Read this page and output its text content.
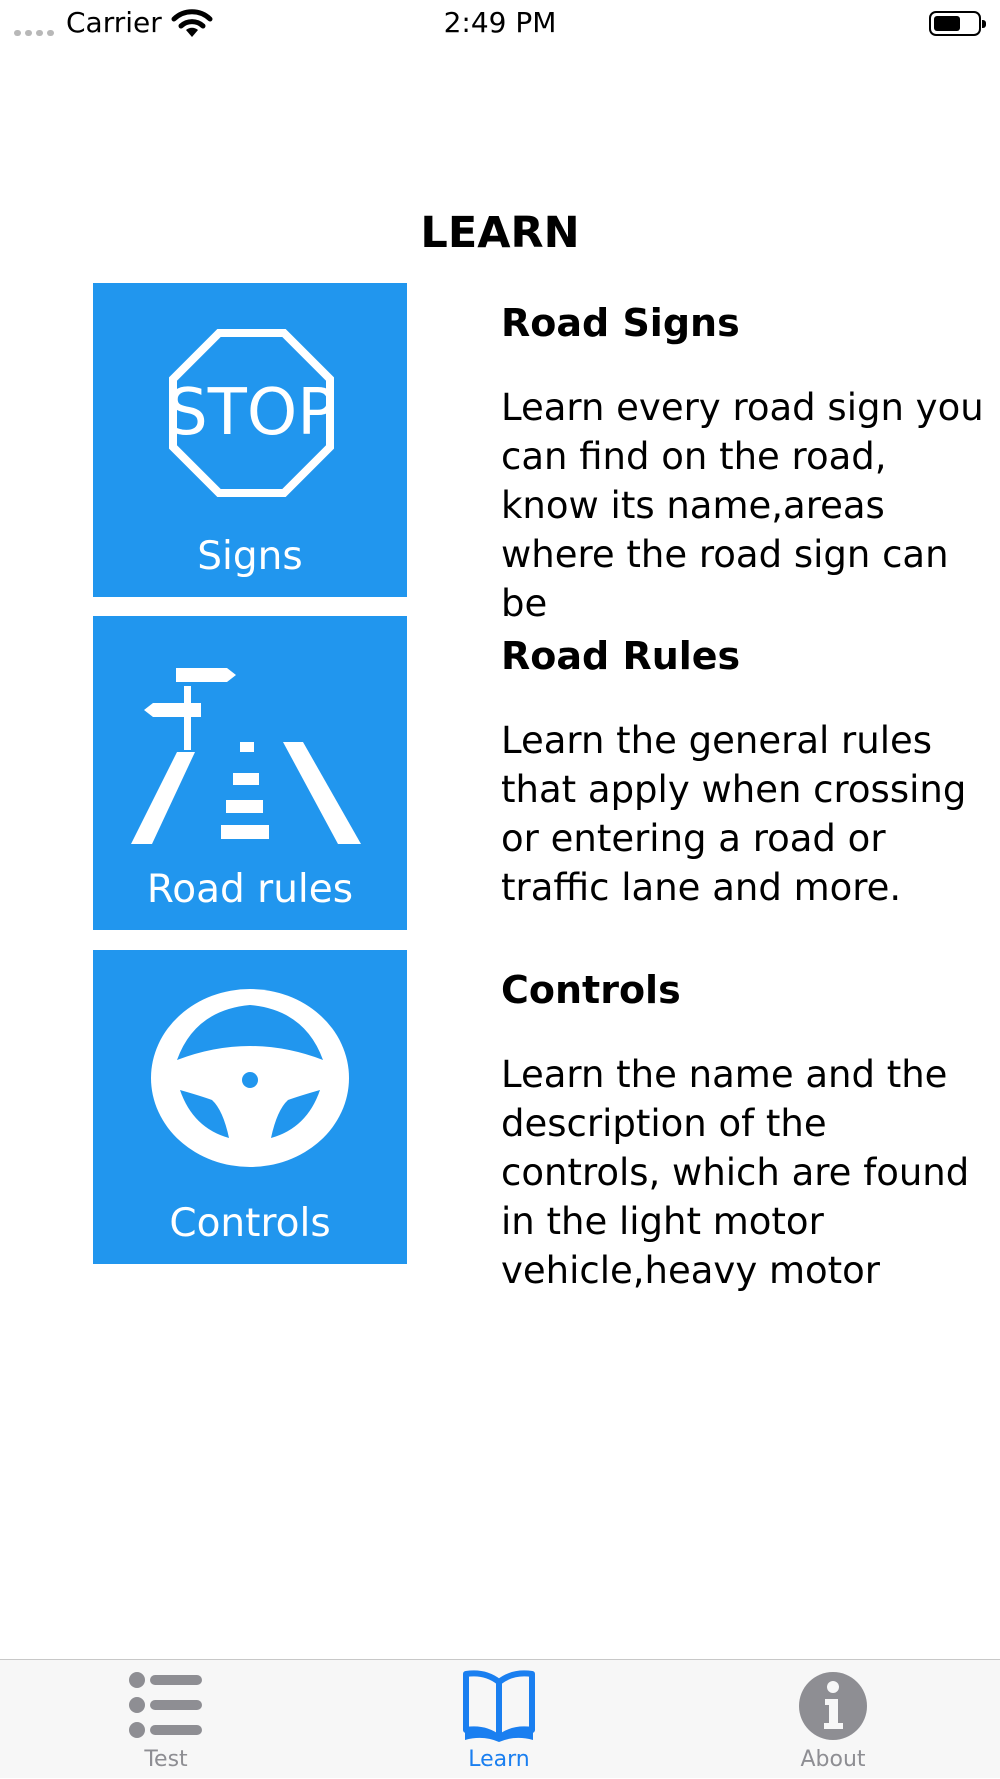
Carrier	2:49 PM
LEARN
STOP
Signs
Road Signs
Learn every road sign you
can find on the road,
know its name,areas
where the road sign can
be
Road rules
Road Rules
Learn the general rules
that apply when crossing
or entering a road or
traffic lane and more.
Controls
Controls
Learn the name and the
description of the
controls, which are found
in the light motor
vehicle,heavy motor
Test	Learn	About
